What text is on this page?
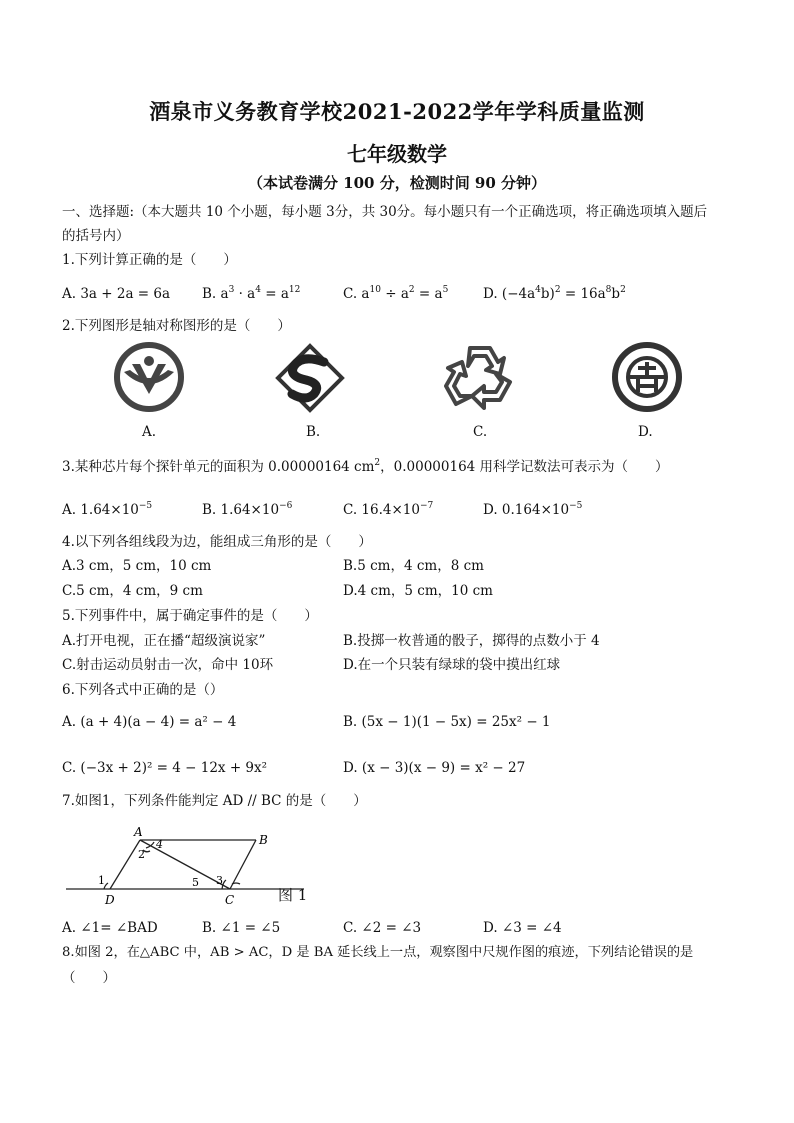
酒泉市义务教育学校2021-2022学年学科质量监测
七年级数学
（本试卷满分 100 分，检测时间 90 分钟）
一、选择题:（本大题共 10 个小题，每小题 3分，共 30分。每小题只有一个正确选项，将正确选项填入题后
的括号内）
1.下列计算正确的是（　　）
A. 3a + 2a = 6a B. $a^3 \cdot a^4 = a^{12}$	C. $a^{10} \div a^2 = a^5$	D. $(-4a^4b)^2 = 16a^8b^2$
2.下列图形是轴对称图形的是（　　）
A.	B.	C.	D.
3.某种芯片每个探针单元的面积为 0.00000164 $cm^2$，0.00000164 用科学记数法可表示为（　　）
A. $1.64\times 10^{-5}$	B. $1.64\times 10^{-6}$	C. $16.4\times 10^{-7}$	D. $0.164\times 10^{-5}$
4.以下列各组线段为边，能组成三角形的是（　　）
A.3 cm，5 cm，10 cm	B.5 cm，4 cm，8 cm
C.5 cm，4 cm，9 cm	D.4 cm，5 cm，10 cm
5.下列事件中，属于确定事件的是（　　）
A.打开电视，正在播“超级演说家”	B.投掷一枚普通的骰子，掷得的点数小于 4
C.射击运动员射击一次，命中 10环	D.在一个只装有绿球的袋中摸出红球
6.下列各式中正确的是（）
A. (a + 4)(a − 4) = a² − 4	B. (5x − 1)(1 − 5x) = 25x² − 1
C. (−3x + 2)² = 4 − 12x + 9x²	D. (x − 3)(x − 9) = x² − 27
7.如图1，下列条件能判定 AD // BC 的是（　　）
A
B
C
D
1
2
3
4
5
图 1
A. ∠1= ∠BAD	B. ∠1 = ∠5	C. ∠2 = ∠3	D. ∠3 = ∠4
8.如图 2，在△ABC 中，AB > AC，D 是 BA 延长线上一点，观察图中尺规作图的痕迹，下列结论错误的是
（　　）
